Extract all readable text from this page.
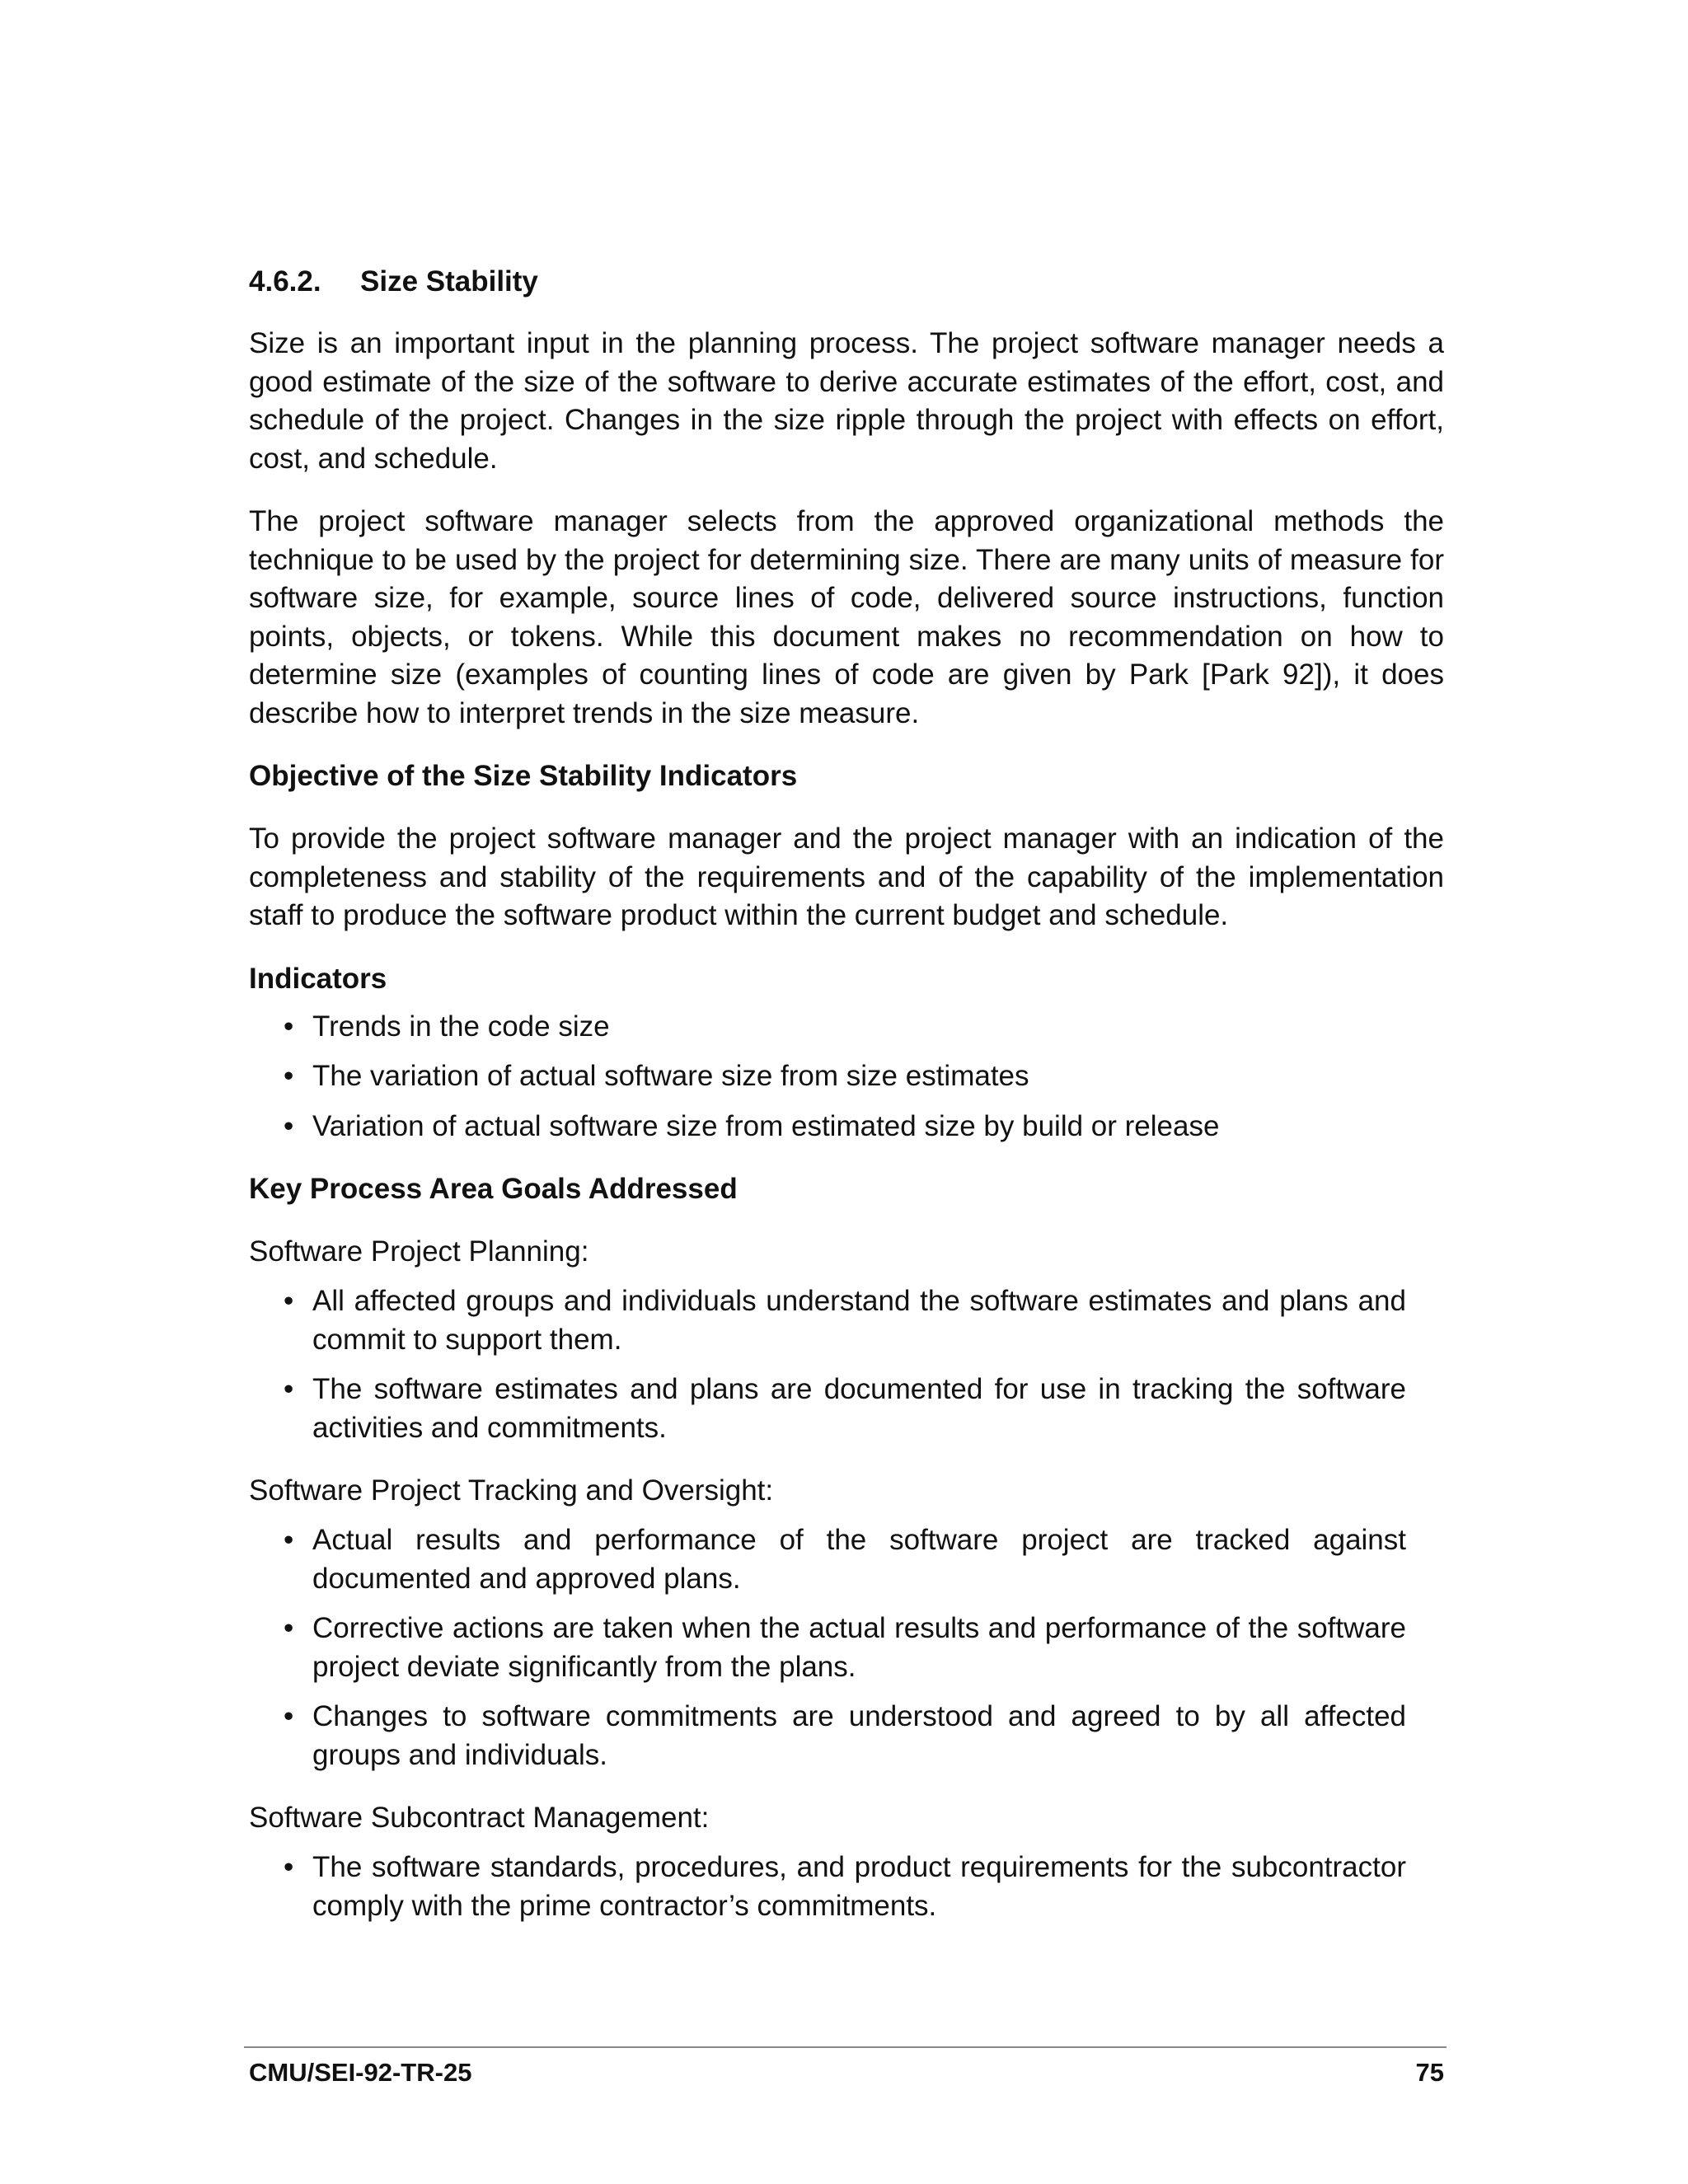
4.6.2. Size Stability

Size is an important input in the planning process. The project software manager needs a good estimate of the size of the software to derive accurate estimates of the effort, cost, and schedule of the project. Changes in the size ripple through the project with effects on effort, cost, and schedule.

The project software manager selects from the approved organizational methods the technique to be used by the project for determining size. There are many units of measure for software size, for example, source lines of code, delivered source instructions, function points, objects, or tokens. While this document makes no recommendation on how to determine size (examples of counting lines of code are given by Park [Park 92]), it does describe how to interpret trends in the size measure.

Objective of the Size Stability Indicators

To provide the project software manager and the project manager with an indication of the completeness and stability of the requirements and of the capability of the implementation staff to produce the software product within the current budget and schedule.

Indicators
• Trends in the code size
• The variation of actual software size from size estimates
• Variation of actual software size from estimated size by build or release
Key Process Area Goals Addressed
Software Project Planning:
• All affected groups and individuals understand the software estimates and plans and commit to support them.
• The software estimates and plans are documented for use in tracking the software activities and commitments.
Software Project Tracking and Oversight:
• Actual results and performance of the software project are tracked against documented and approved plans.
• Corrective actions are taken when the actual results and performance of the software project deviate significantly from the plans.
• Changes to software commitments are understood and agreed to by all affected groups and individuals.
Software Subcontract Management:
• The software standards, procedures, and product requirements for the subcontractor comply with the prime contractor’s commitments.
CMU/SEI-92-TR-25	75
